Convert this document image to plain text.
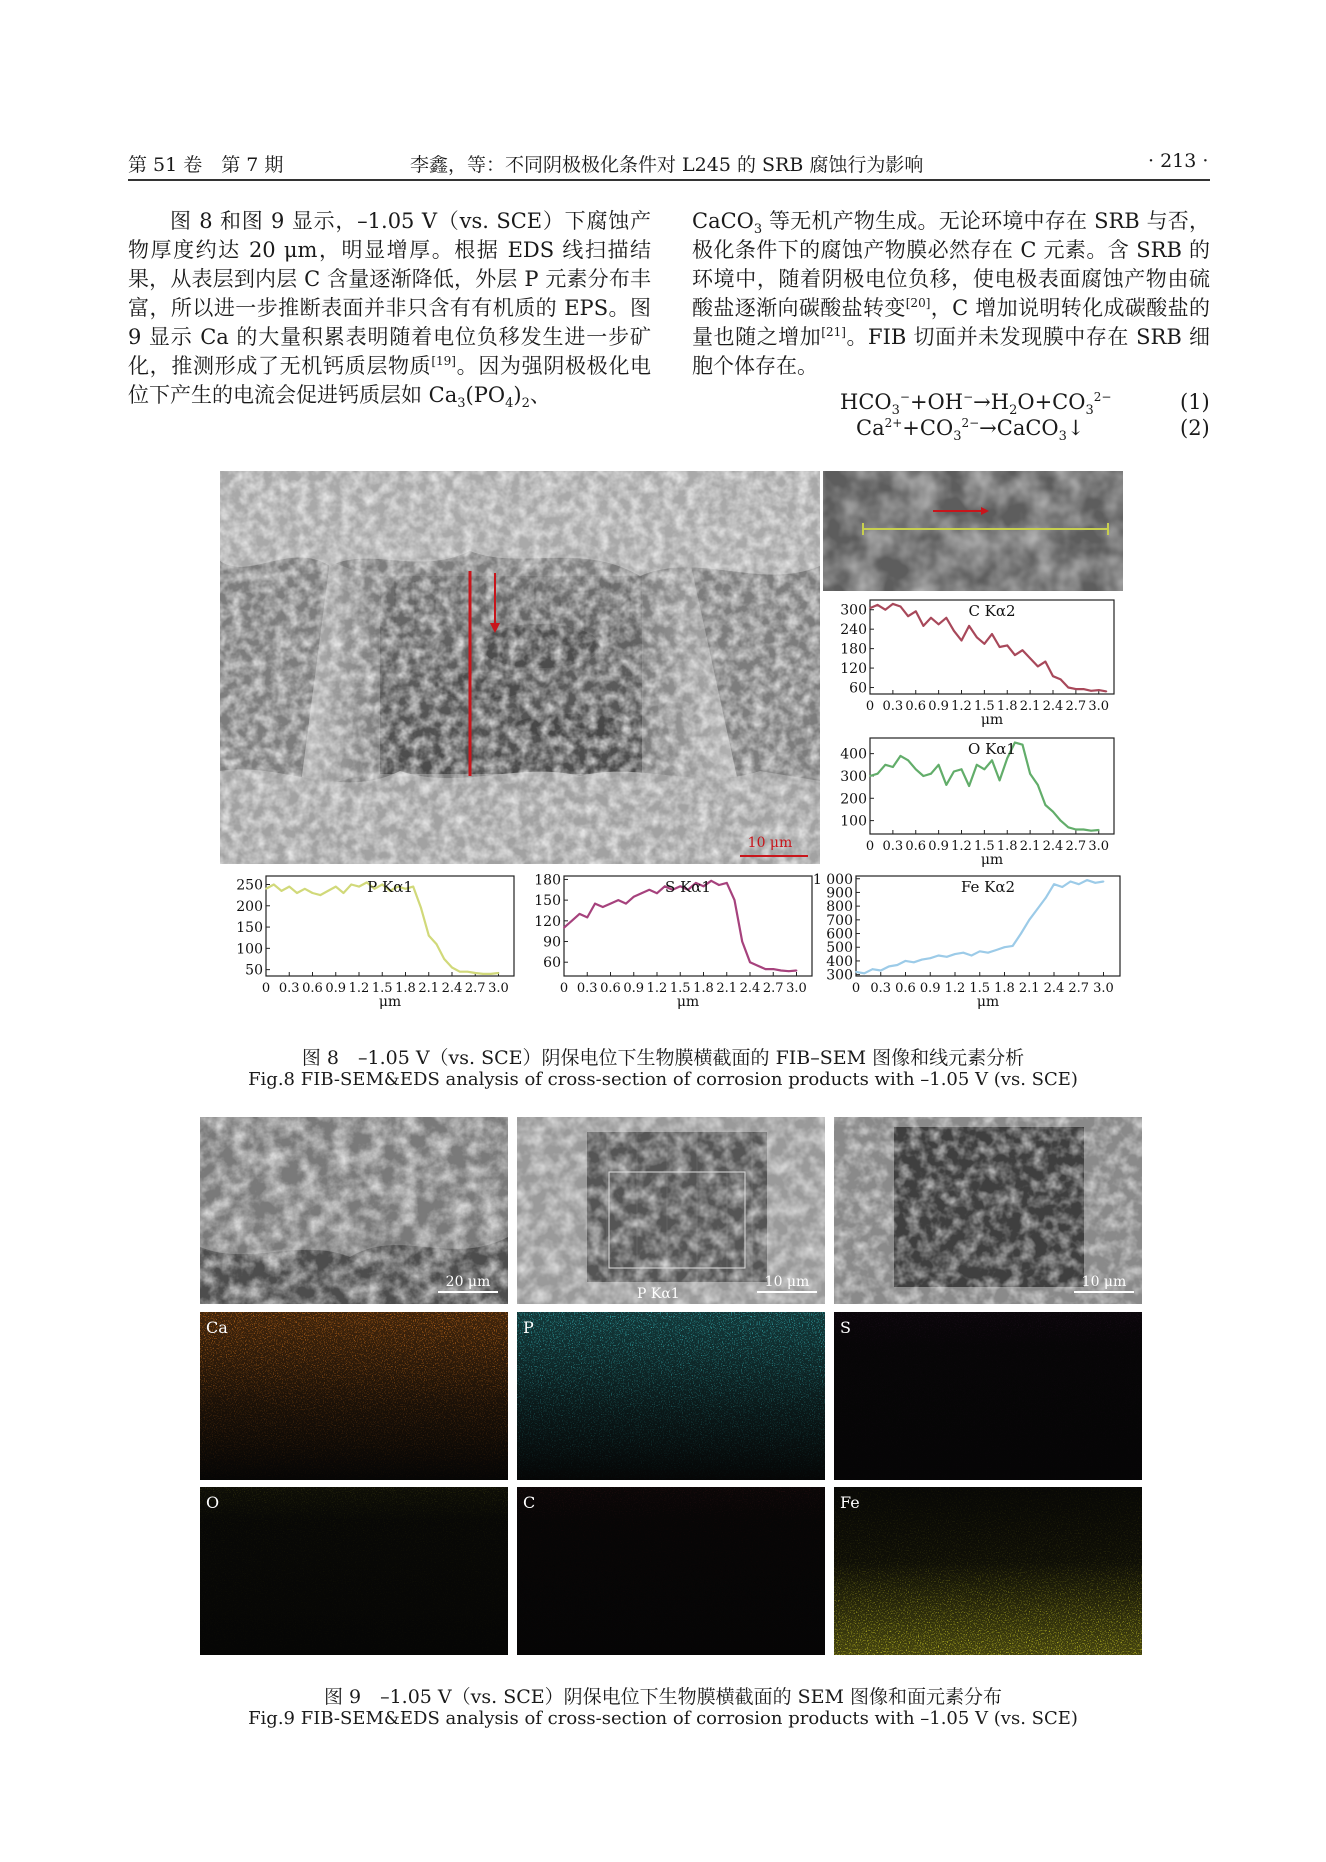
第 51 卷　第 7 期	李鑫，等：不同阴极极化条件对 L245 的 SRB 腐蚀行为影响	· 213 ·

图 8 和图 9 显示，–1.05 V（vs. SCE）下腐蚀产物厚度约达 20 μm，明显增厚。根据 EDS 线扫描结果，从表层到内层 C 含量逐渐降低，外层 P 元素分布丰富，所以进一步推断表面并非只含有有机质的 EPS。图 9 显示 Ca 的大量积累表明随着电位负移发生进一步矿化，推测形成了无机钙质层物质[19]。因为强阴极极化电位下产生的电流会促进钙质层如 $Ca_3(PO_4)_2$、

CaCO$_3$ 等无机产物生成。无论环境中存在 SRB 与否，极化条件下的腐蚀产物膜必然存在 C 元素。含 SRB 的环境中，随着阴极电位负移，使电极表面腐蚀产物由硫酸盐逐渐向碳酸盐转变[20]，C 增加说明转化成碳酸盐的量也随之增加[21]。FIB 切面并未发现膜中存在 SRB 细胞个体存在。

$HCO_3^-+OH^-\to H_2O+CO_3^{2-}$	(1)
$Ca^{2+}+CO_3^{2-}\to CaCO_3↓$	(2)
10 μm
60
120
180
240
300
0 0.3 0.6 0.9 1.2 1.5 1.8 2.1 2.4 2.7 3.0
μm
C Kα2
100
200
300
400
0 0.3 0.6 0.9 1.2 1.5 1.8 2.1 2.4 2.7 3.0
μm
O Kα1
50
100
150
200
250
0 0.3 0.6 0.9 1.2 1.5 1.8 2.1 2.4 2.7 3.0
μm
P Kα1
60
90
120
150
180
0 0.3 0.6 0.9 1.2 1.5 1.8 2.1 2.4 2.7 3.0
μm
S Kα1
300
400
500
600
700
800
900
1 000
0 0.3 0.6 0.9 1.2 1.5 1.8 2.1 2.4 2.7 3.0
μm
Fe Kα2
图 8　–1.05 V（vs. SCE）阴保电位下生物膜横截面的 FIB–SEM 图像和线元素分析
Fig.8 FIB-SEM&EDS analysis of cross-section of corrosion products with –1.05 V (vs. SCE)
20 μm	10 μm
P Kα1
10 μm
Ca	P	S
O	C	Fe
图 9　–1.05 V（vs. SCE）阴保电位下生物膜横截面的 SEM 图像和面元素分布
Fig.9 FIB-SEM&EDS analysis of cross-section of corrosion products with –1.05 V (vs. SCE)
